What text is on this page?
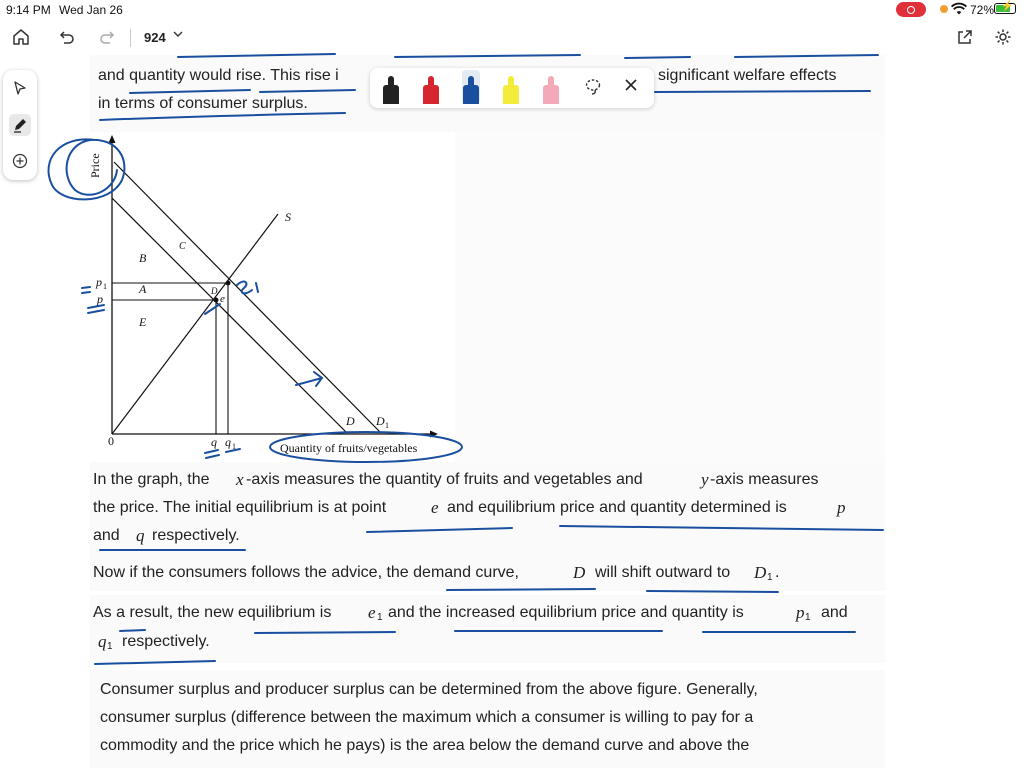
9:14 PM Wed Jan 26	72% ⚡
924
and quantity would rise. This rise i	significant welfare effects
in terms of consumer surplus.
Price
0
S
C
B
A
E
D
e
p 1
p
D D 1
q q 1	Quantity of fruits/vegetables
In the graph, the x -axis measures the quantity of fruits and vegetables and	y -axis measures
the price. The initial equilibrium is at point	e and equilibrium price and quantity determined is	p
and q respectively.
Now if the consumers follows the advice, the demand curve,	D will shift outward to D 1 .
As a result, the new equilibrium is e 1 and the increased equilibrium price and quantity is	p 1 and
q 1 respectively.
Consumer surplus and producer surplus can be determined from the above figure. Generally,
consumer surplus (difference between the maximum which a consumer is willing to pay for a
commodity and the price which he pays) is the area below the demand curve and above the
